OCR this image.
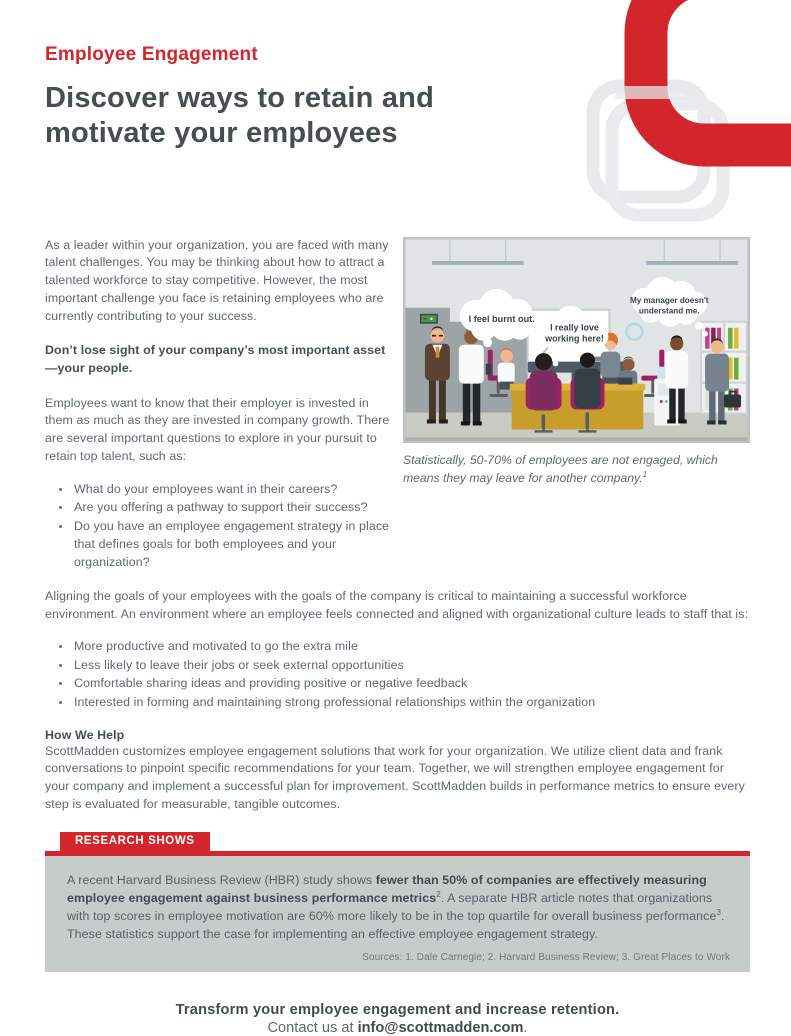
Employee Engagement
Discover ways to retain and
motivate your employees

As a leader within your organization, you are faced with many talent challenges. You may be thinking about how to attract a talented workforce to stay competitive. However, the most important challenge you face is retaining employees who are currently contributing to your success.

Don’t lose sight of your company’s most important asset—your people.

Employees want to know that their employer is invested in them as much as they are invested in company growth. There are several important questions to explore in your pursuit to retain top talent, such as:

• What do your employees want in their careers?
• Are you offering a pathway to support their success?
• Do you have an employee engagement strategy in place that defines goals for both employees and your organization?
I feel burnt out.
I really love
working here!
My manager doesn't
understand me.
Statistically, 50-70% of employees are not engaged, which means they may leave for another company.$^1$

Aligning the goals of your employees with the goals of the company is critical to maintaining a successful workforce environment. An environment where an employee feels connected and aligned with organizational culture leads to staff that is:

• More productive and motivated to go the extra mile
• Less likely to leave their jobs or seek external opportunities
• Comfortable sharing ideas and providing positive or negative feedback
• Interested in forming and maintaining strong professional relationships within the organization
How We Help

ScottMadden customizes employee engagement solutions that work for your organization. We utilize client data and frank conversations to pinpoint specific recommendations for your team. Together, we will strengthen employee engagement for your company and implement a successful plan for improvement. ScottMadden builds in performance metrics to ensure every step is evaluated for measurable, tangible outcomes.

RESEARCH SHOWS

A recent Harvard Business Review (HBR) study shows fewer than 50% of companies are effectively measuring employee engagement against business performance metrics$^2$. A separate HBR article notes that organizations with top scores in employee motivation are 60% more likely to be in the top quartile for overall business performance$^3$. These statistics support the case for implementing an effective employee engagement strategy.

Sources: 1. Dale Carnegie; 2. Harvard Business Review; 3. Great Places to Work
Transform your employee engagement and increase retention.
Contact us at info@scottmadden.com.
